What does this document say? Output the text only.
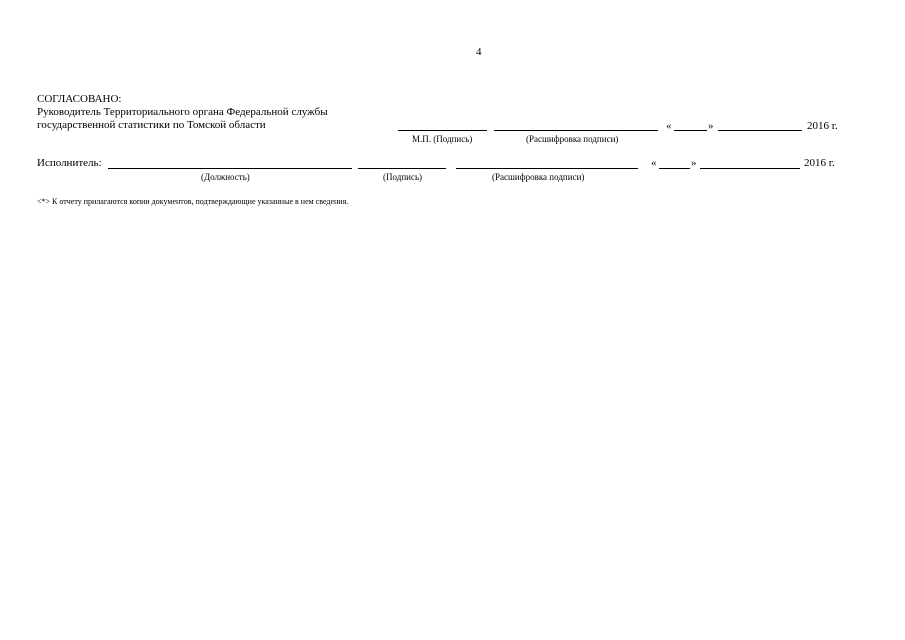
4
СОГЛАСОВАНО:
Руководитель Территориального органа Федеральной службы
государственной статистики по Томской области	«	»	2016 г.
М.П. (Подпись)	(Расшифровка подписи)
Исполнитель:	«	»	2016 г.
(Должность)	(Подпись)	(Расшифровка подписи)
<*> К отчету прилагаются копии документов, подтверждающие указанные в нем сведения.
